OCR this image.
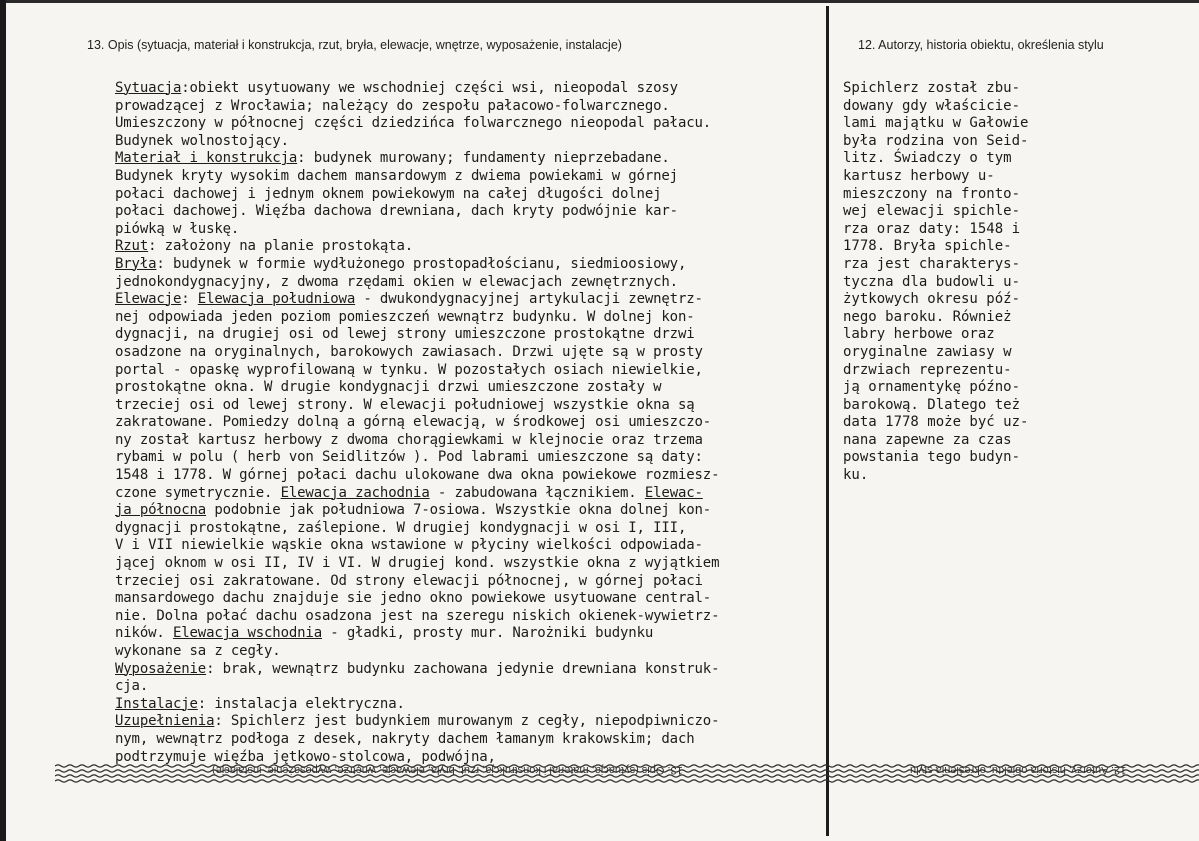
13. Opis (sytuacja, materiał i konstrukcja, rzut, bryła, elewacje, wnętrze, wyposażenie, instalacje)	12. Autorzy, historia obiektu, określenia stylu
Sytuacja:obiekt usytuowany we wschodniej części wsi, nieopodal szosy
prowadzącej z Wrocławia; należący do zespołu pałacowo-folwarcznego.
Umieszczony w północnej części dziedzińca folwarcznego nieopodal pałacu.
Budynek wolnostojący.
Materiał i konstrukcja: budynek murowany; fundamenty nieprzebadane.
Budynek kryty wysokim dachem mansardowym z dwiema powiekami w górnej
połaci dachowej i jednym oknem powiekowym na całej długości dolnej
połaci dachowej. Więźba dachowa drewniana, dach kryty podwójnie kar-
piówką w łuskę.
Rzut: założony na planie prostokąta.
Bryła: budynek w formie wydłużonego prostopadłościanu, siedmioosiowy,
jednokondygnacyjny, z dwoma rzędami okien w elewacjach zewnętrznych.
Elewacje: Elewacja południowa - dwukondygnacyjnej artykulacji zewnętrz-
nej odpowiada jeden poziom pomieszczeń wewnątrz budynku. W dolnej kon-
dygnacji, na drugiej osi od lewej strony umieszczone prostokątne drzwi
osadzone na oryginalnych, barokowych zawiasach. Drzwi ujęte są w prosty
portal - opaskę wyprofilowaną w tynku. W pozostałych osiach niewielkie,
prostokątne okna. W drugie kondygnacji drzwi umieszczone zostały w
trzeciej osi od lewej strony. W elewacji południowej wszystkie okna są
zakratowane. Pomiedzy dolną a górną elewacją, w środkowej osi umieszczo-
ny został kartusz herbowy z dwoma chorągiewkami w klejnocie oraz trzema
rybami w polu ( herb von Seidlitzów ). Pod labrami umieszczone są daty:
1548 i 1778. W górnej połaci dachu ulokowane dwa okna powiekowe rozmiesz-
czone symetrycznie. Elewacja zachodnia - zabudowana łącznikiem. Elewac-
ja północna podobnie jak południowa 7-osiowa. Wszystkie okna dolnej kon-
dygnacji prostokątne, zaślepione. W drugiej kondygnacji w osi I, III,
V i VII niewielkie wąskie okna wstawione w płyciny wielkości odpowiada-
jącej oknom w osi II, IV i VI. W drugiej kond. wszystkie okna z wyjątkiem
trzeciej osi zakratowane. Od strony elewacji północnej, w górnej połaci
mansardowego dachu znajduje sie jedno okno powiekowe usytuowane central-
nie. Dolna połać dachu osadzona jest na szeregu niskich okienek-wywietrz-
ników. Elewacja wschodnia - gładki, prosty mur. Narożniki budynku
wykonane sa z cegły.
Wyposażenie: brak, wewnątrz budynku zachowana jedynie drewniana konstruk-
cja.
Instalacje: instalacja elektryczna.
Uzupełnienia: Spichlerz jest budynkiem murowanym z cegły, niepodpiwniczo-
nym, wewnątrz podłoga z desek, nakryty dachem łamanym krakowskim; dach
podtrzymuje więźba jętkowo-stolcowa, podwójna,
Spichlerz został zbu-
dowany gdy właścicie-
lami majątku w Gałowie
była rodzina von Seid-
litz. Świadczy o tym
kartusz herbowy u-
mieszczony na fronto-
wej elewacji spichle-
rza oraz daty: 1548 i
1778. Bryła spichle-
rza jest charakterys-
tyczna dla budowli u-
żytkowych okresu póź-
nego baroku. Również
labry herbowe oraz
oryginalne zawiasy w
drzwiach reprezentu-
ją ornamentykę późno-
barokową. Dlatego też
data 1778 może być uz-
nana zapewne za czas
powstania tego budyn-
ku.
13. Opis (sytuacja, materiał i konstrukcja, rzut, bryła, elewacje, wnętrze, wyposażenie, instalacje)	12. Autorzy, historia obiektu, określenia stylu
